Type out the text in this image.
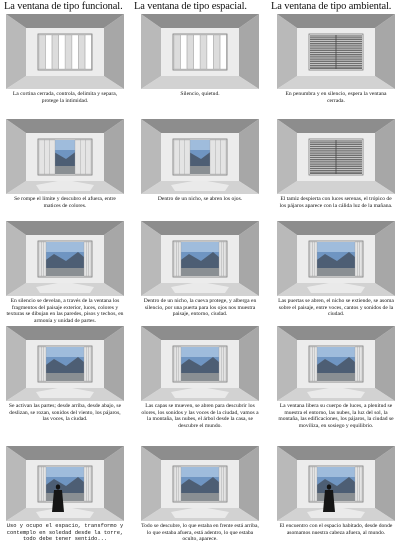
La ventana de tipo funcional. La ventana de tipo espacial. La ventana de tipo ambiental.
La cortina cerrada, controla, delimita y separa, protege la intimidad.
Silencio, quietud.	En penumbra y en silencio, espera la ventana cerrada.
Se rompe el límite y descubro el afuera, entre matices de colores.
Dentro de un nicho, se abren los ojos.	El tamiz despierta con luces serenas, el trópico de los pájaros aparece con la cálida luz de la mañana.
En silencio se develan, a través de la ventana los fragmentos del paisaje exterior, luces, colores y texturas se dibujan en las paredes, pisos y techos, en armonía y unidad de partes.
Dentro de un nicho, la cueva protege, y alberga en silencio, por una puerta para los ojos nos muestra paisaje, entorno, ciudad.
Las puertas se abren, el nicho se extiende, se asoma sobre el paisaje, entre voces, cantos y sonidos de la ciudad.
Se activan las partes; desde arriba, desde abajo, se deslizan, se rozan, sonidos del viento, los pájaros, las voces, la ciudad.
Las capas se mueven, se abren para descubrir los olores, los sonidos y las voces de la ciudad, vamos a la montaña, las nubes, el árbol desde la casa, se descubre el mundo.
La ventana libera su cuerpo de luces, a plenitud se muestra el entorno, las nubes, la luz del sol, la montaña, las edificaciones, los pájaros, la ciudad se moviliza, en sosiego y equilibrio.
Uso y ocupo el espacio, transformo y contemplo en soledad desde la torre, todo debe tener sentido...
Todo se descubre, lo que estaba en frente está arriba, lo que estaba afuera, está adentro, lo que estaba oculto, aparece.
El encuentro con el espacio habitado, desde donde asomamos nuestra cabeza afuera, al mundo.
